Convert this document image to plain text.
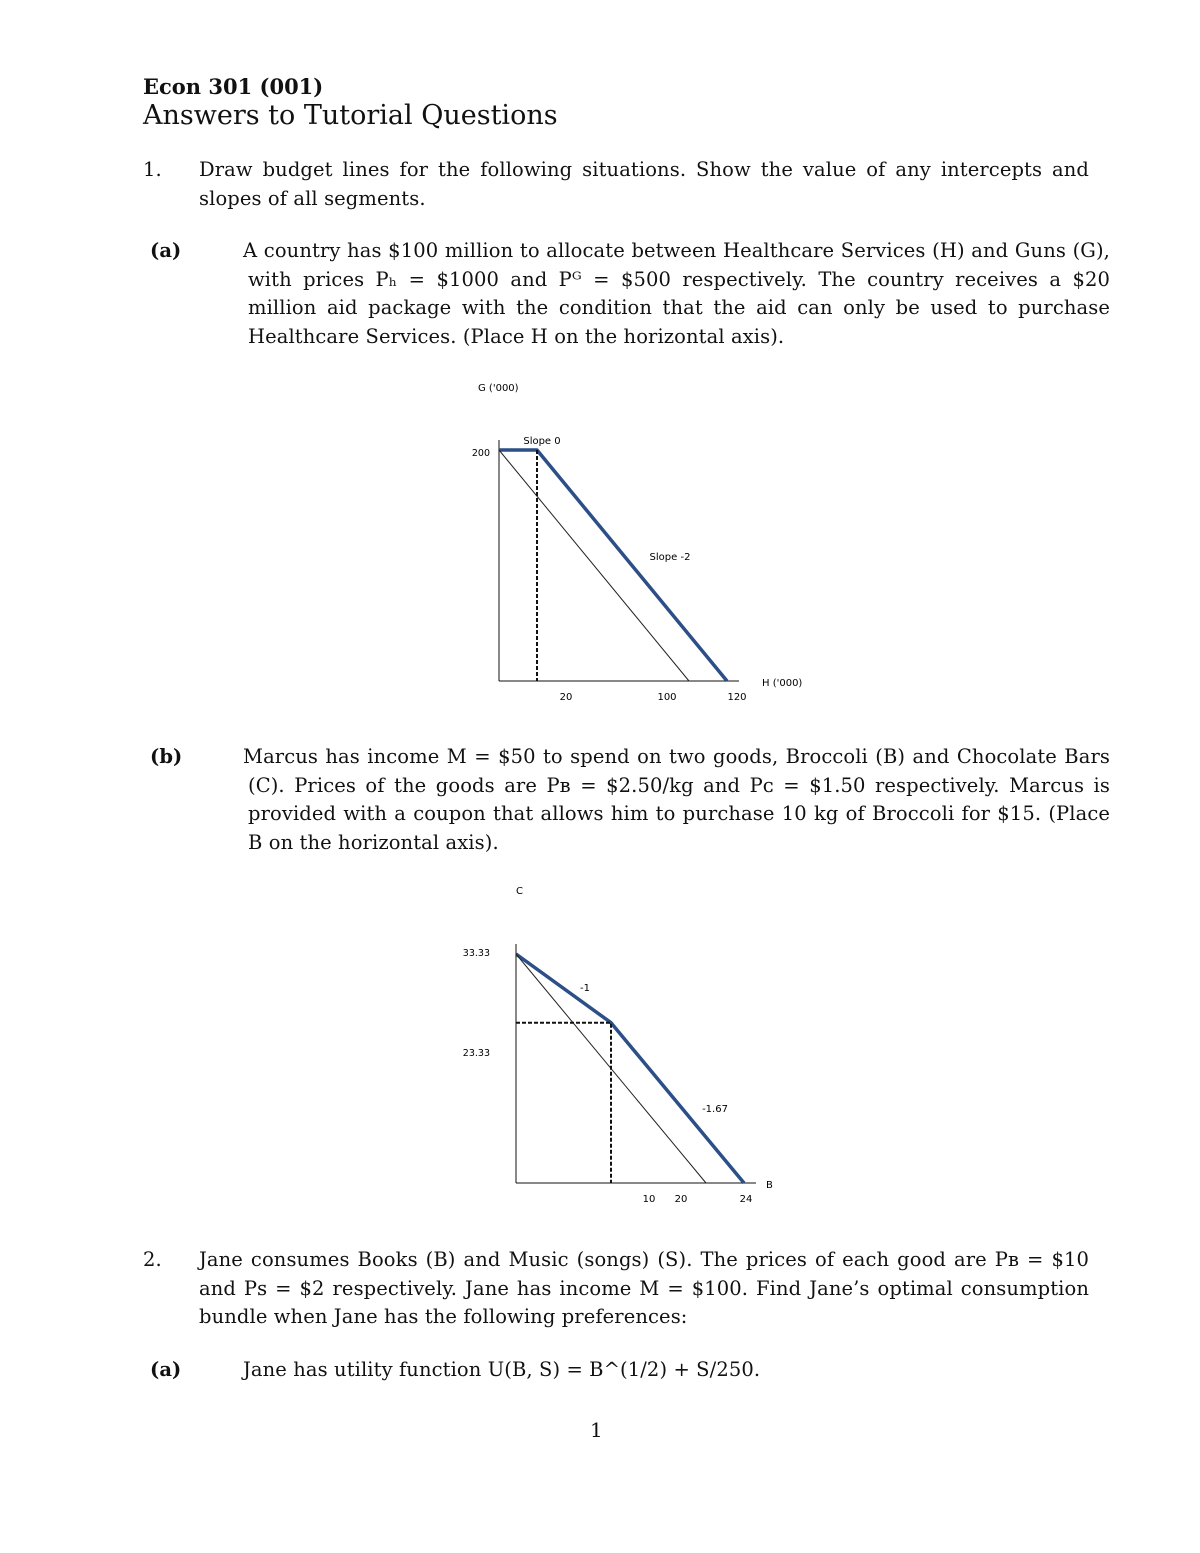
Econ 301 (001)
Answers to Tutorial Questions
1. Draw budget lines for the following situations. Show the value of any intercepts and slopes of all segments.
(a)	A country has $100 million to allocate between Healthcare Services (H) and Guns (G), with prices Pₕ = $1000 and Pᴳ = $500 respectively. The country receives a $20 million aid package with the condition that the aid can only be used to purchase Healthcare Services. (Place H on the horizontal axis).
G ('000)
H ('000)
20	100	120
200
Slope 0
Slope -2
C
B
10 20	24
33.33
23.33
-1
-1.67
(b)	Marcus has income M = $50 to spend on two goods, Broccoli (B) and Chocolate Bars (C). Prices of the goods are Pʙ = $2.50/kg and Pᴄ = $1.50 respectively. Marcus is provided with a coupon that allows him to purchase 10 kg of Broccoli for $15. (Place B on the horizontal axis).
2. Jane consumes Books (B) and Music (songs) (S). The prices of each good are Pʙ = $10 and Pꜱ = $2 respectively. Jane has income M = $100. Find Jane’s optimal consumption bundle when Jane has the following preferences:
(a)	Jane has utility function U(B, S) = B^(1/2) + S/250.
1
